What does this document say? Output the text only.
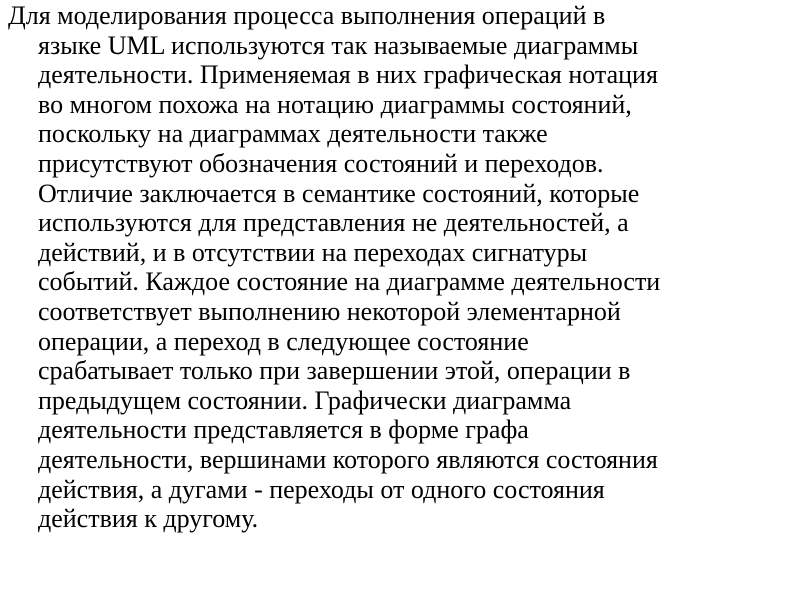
Для моделирования процесса выполнения операций в
языке UML используются так называемые диаграммы
деятельности. Применяемая в них графическая нотация
во многом похожа на нотацию диаграммы состояний,
поскольку на диаграммах деятельности также
присутствуют обозначения состояний и переходов.
Отличие заключается в семантике состояний, которые
используются для представления не деятельностей, а
действий, и в отсутствии на переходах сигнатуры
событий. Каждое состояние на диаграмме деятельности
соответствует выполнению некоторой элементарной
операции, а переход в следующее состояние
срабатывает только при завершении этой, операции в
предыдущем состоянии. Графически диаграмма
деятельности представляется в форме графа
деятельности, вершинами которого являются состояния
действия, а дугами - переходы от одного состояния
действия к другому.
